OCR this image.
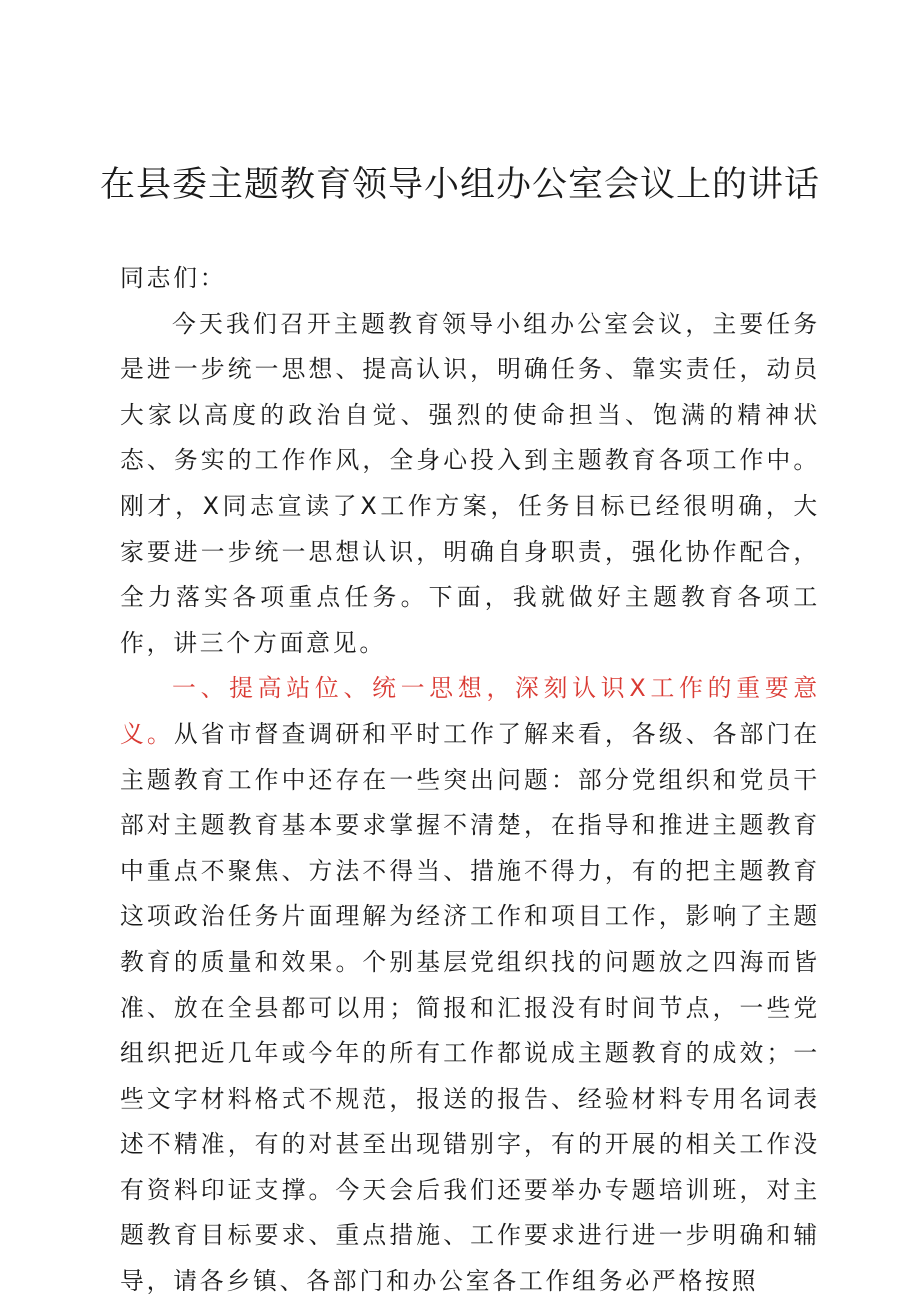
在县委主题教育领导小组办公室会议上的讲话

同志们：

今天我们召开主题教育领导小组办公室会议，主要任务是进一步统一思想、提高认识，明确任务、靠实责任，动员大家以高度的政治自觉、强烈的使命担当、饱满的精神状态、务实的工作作风，全身心投入到主题教育各项工作中。刚才，X同志宣读了X工作方案，任务目标已经很明确，大家要进一步统一思想认识，明确自身职责，强化协作配合，全力落实各项重点任务。下面，我就做好主题教育各项工作，讲三个方面意见。

一、提高站位、统一思想，深刻认识X工作的重要意义。从省市督查调研和平时工作了解来看，各级、各部门在主题教育工作中还存在一些突出问题：部分党组织和党员干部对主题教育基本要求掌握不清楚，在指导和推进主题教育中重点不聚焦、方法不得当、措施不得力，有的把主题教育这项政治任务片面理解为经济工作和项目工作，影响了主题教育的质量和效果。个别基层党组织找的问题放之四海而皆准、放在全县都可以用；简报和汇报没有时间节点，一些党组织把近几年或今年的所有工作都说成主题教育的成效；一些文字材料格式不规范，报送的报告、经验材料专用名词表述不精准，有的对甚至出现错别字，有的开展的相关工作没有资料印证支撑。今天会后我们还要举办专题培训班，对主题教育目标要求、重点措施、工作要求进行进一步明确和辅导，请各乡镇、各部门和办公室各工作组务必严格按照
